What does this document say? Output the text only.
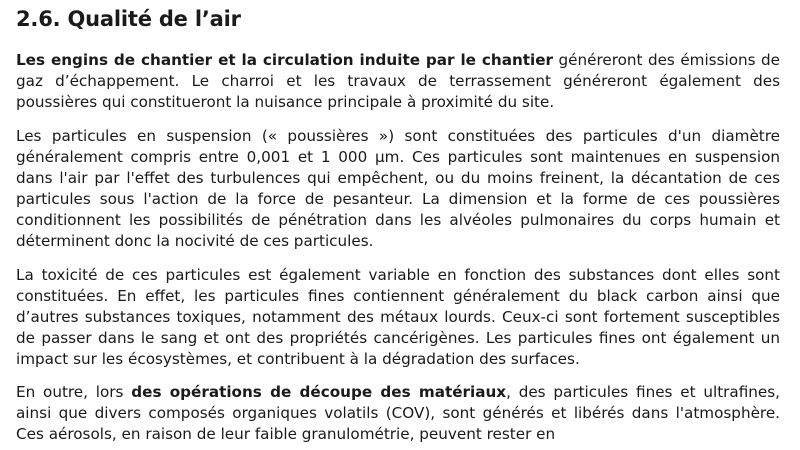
2.6. Qualité de l’air

Les engins de chantier et la circulation induite par le chantier généreront des émissions de gaz d’échappement. Le charroi et les travaux de terrassement généreront également des poussières qui constitueront la nuisance principale à proximité du site.

Les particules en suspension (« poussières ») sont constituées des particules d'un diamètre généralement compris entre 0,001 et 1 000 µm. Ces particules sont maintenues en suspension dans l'air par l'effet des turbulences qui empêchent, ou du moins freinent, la décantation de ces particules sous l'action de la force de pesanteur. La dimension et la forme de ces poussières conditionnent les possibilités de pénétration dans les alvéoles pulmonaires du corps humain et déterminent donc la nocivité de ces particules.

La toxicité de ces particules est également variable en fonction des substances dont elles sont constituées. En effet, les particules fines contiennent généralement du black carbon ainsi que d’autres substances toxiques, notamment des métaux lourds. Ceux-ci sont fortement susceptibles de passer dans le sang et ont des propriétés cancérigènes. Les particules fines ont également un impact sur les écosystèmes, et contribuent à la dégradation des surfaces.

En outre, lors des opérations de découpe des matériaux, des particules fines et ultrafines, ainsi que divers composés organiques volatils (COV), sont générés et libérés dans l'atmosphère. Ces aérosols, en raison de leur faible granulométrie, peuvent rester en
